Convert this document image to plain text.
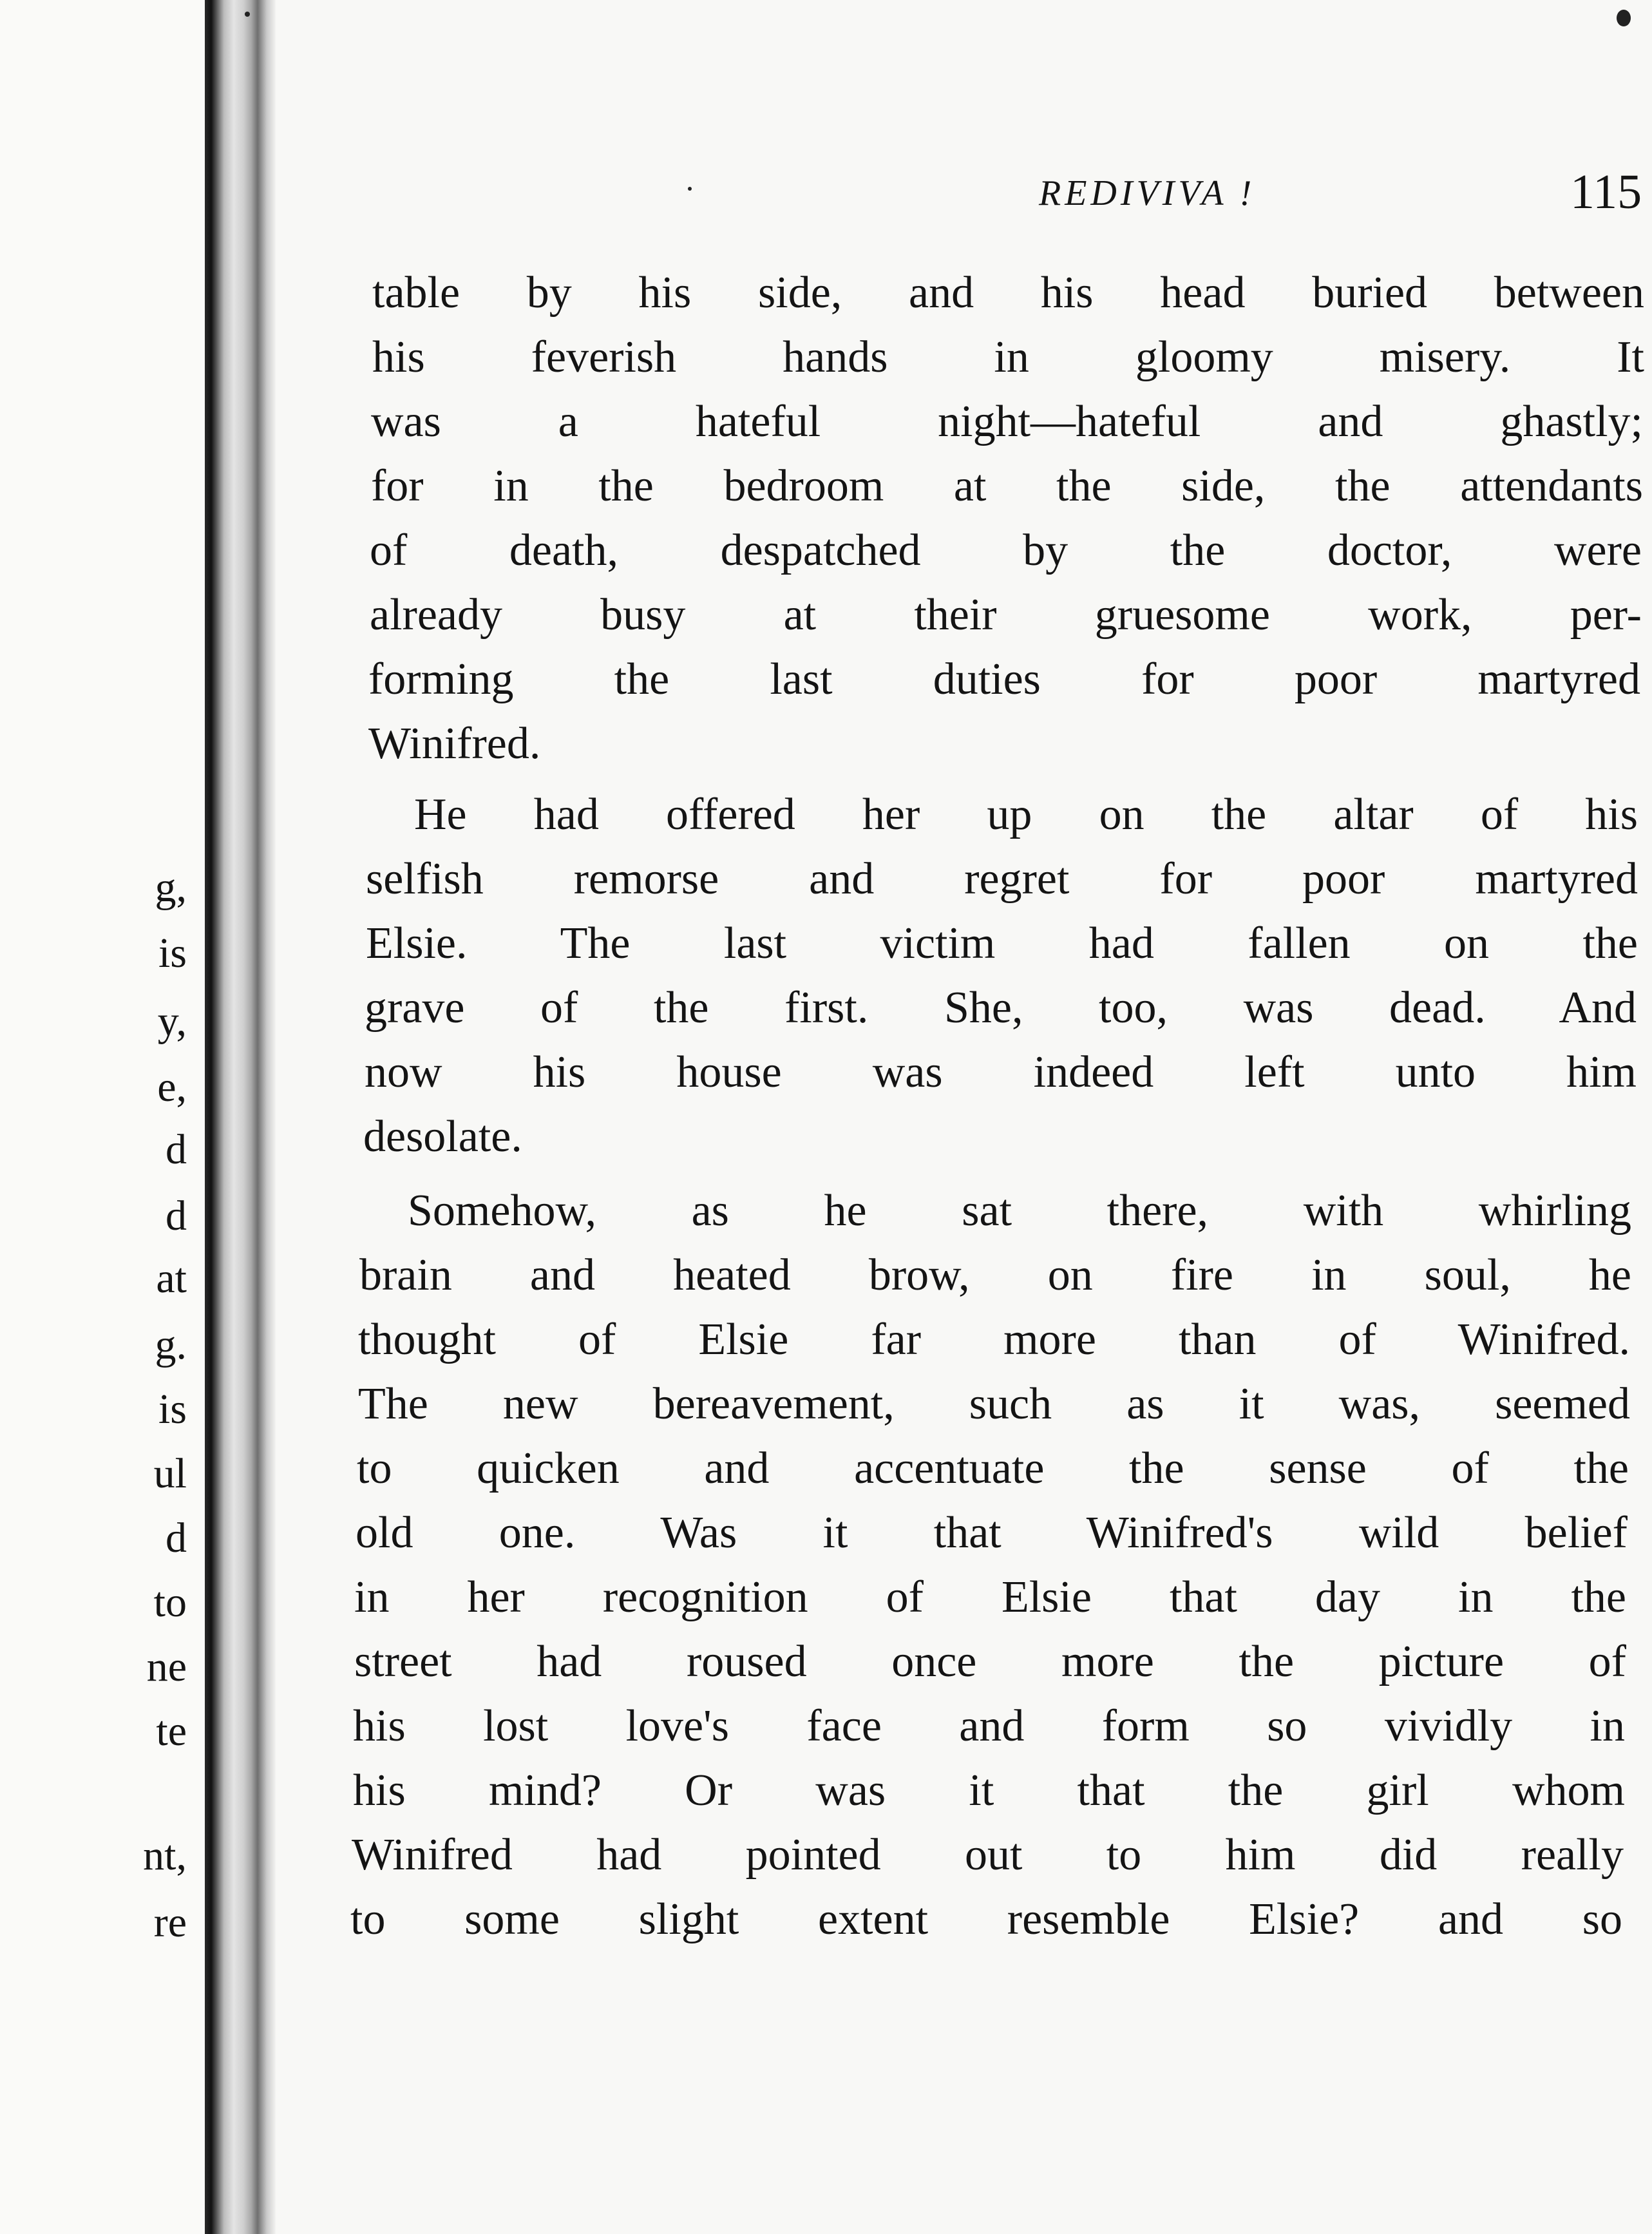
g,
is
y,
e,
d
d
at
g.
is
ul
d
to
ne
te
nt,
re
REDIVIVA !	115
table by his side, and his head buried between
his feverish hands in gloomy misery. It
was a hateful night—hateful and ghastly;
for in the bedroom at the side, the attendants
of death, despatched by the doctor, were
already busy at their gruesome work, per-
forming the last duties for poor martyred
Winifred.
He had offered her up on the altar of his
selfish remorse and regret for poor martyred
Elsie. The last victim had fallen on the
grave of the first. She, too, was dead. And
now his house was indeed left unto him
desolate.
Somehow, as he sat there, with whirling
brain and heated brow, on fire in soul, he
thought of Elsie far more than of Winifred.
The new bereavement, such as it was, seemed
to quicken and accentuate the sense of the
old one. Was it that Winifred's wild belief
in her recognition of Elsie that day in the
street had roused once more the picture of
his lost love's face and form so vividly in
his mind? Or was it that the girl whom
Winifred had pointed out to him did really
to some slight extent resemble Elsie? and so
